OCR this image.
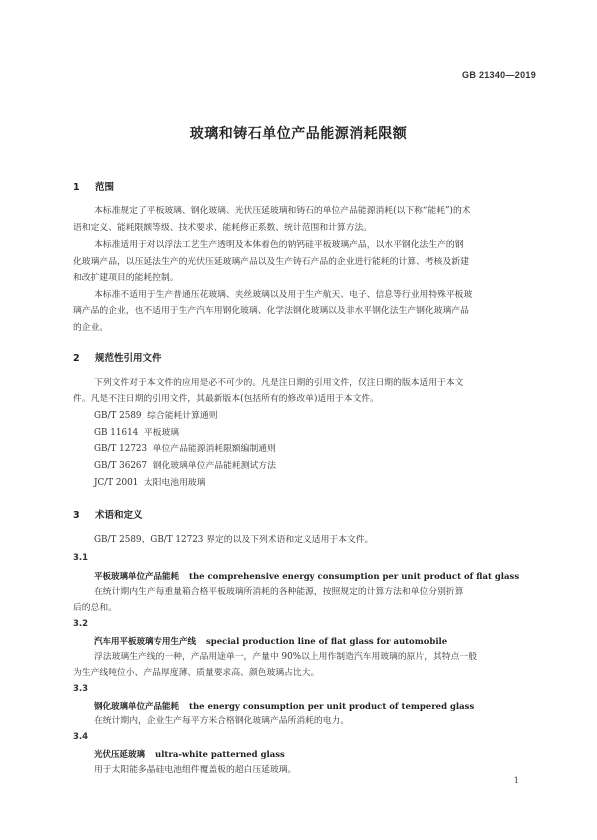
GB 21340—2019
玻璃和铸石单位产品能源消耗限额
1 范围
本标准规定了平板玻璃、钢化玻璃、光伏压延玻璃和铸石的单位产品能源消耗(以下称“能耗”)的术
语和定义、能耗限额等级、技术要求、能耗修正系数、统计范围和计算方法。
本标准适用于对以浮法工艺生产透明及本体着色的钠钙硅平板玻璃产品，以水平钢化法生产的钢
化玻璃产品，以压延法生产的光伏压延玻璃产品以及生产铸石产品的企业进行能耗的计算、考核及新建
和改扩建项目的能耗控制。
本标准不适用于生产普通压花玻璃、夹丝玻璃以及用于生产航天、电子、信息等行业用特殊平板玻
璃产品的企业，也不适用于生产汽车用钢化玻璃、化学法钢化玻璃以及非水平钢化法生产钢化玻璃产品
的企业。
2 规范性引用文件
下列文件对于本文件的应用是必不可少的。凡是注日期的引用文件，仅注日期的版本适用于本文
件。凡是不注日期的引用文件，其最新版本(包括所有的修改单)适用于本文件。
GB/T 2589 综合能耗计算通则
GB 11614 平板玻璃
GB/T 12723 单位产品能源消耗限额编制通则
GB/T 36267 钢化玻璃单位产品能耗测试方法
JC/T 2001 太阳电池用玻璃
3 术语和定义
GB/T 2589、GB/T 12723 界定的以及下列术语和定义适用于本文件。
3.1
平板玻璃单位产品能耗 the comprehensive energy consumption per unit product of flat glass
在统计期内生产每重量箱合格平板玻璃所消耗的各种能源，按照规定的计算方法和单位分别折算
后的总和。
3.2
汽车用平板玻璃专用生产线 special production line of flat glass for automobile
浮法玻璃生产线的一种，产品用途单一，产量中 90%以上用作制造汽车用玻璃的原片，其特点一般
为生产线吨位小、产品厚度薄、质量要求高、颜色玻璃占比大。
3.3
钢化玻璃单位产品能耗 the energy consumption per unit product of tempered glass
在统计期内，企业生产每平方米合格钢化玻璃产品所消耗的电力。
3.4
光伏压延玻璃 ultra-white patterned glass
用于太阳能多晶硅电池组件覆盖板的超白压延玻璃。
1
